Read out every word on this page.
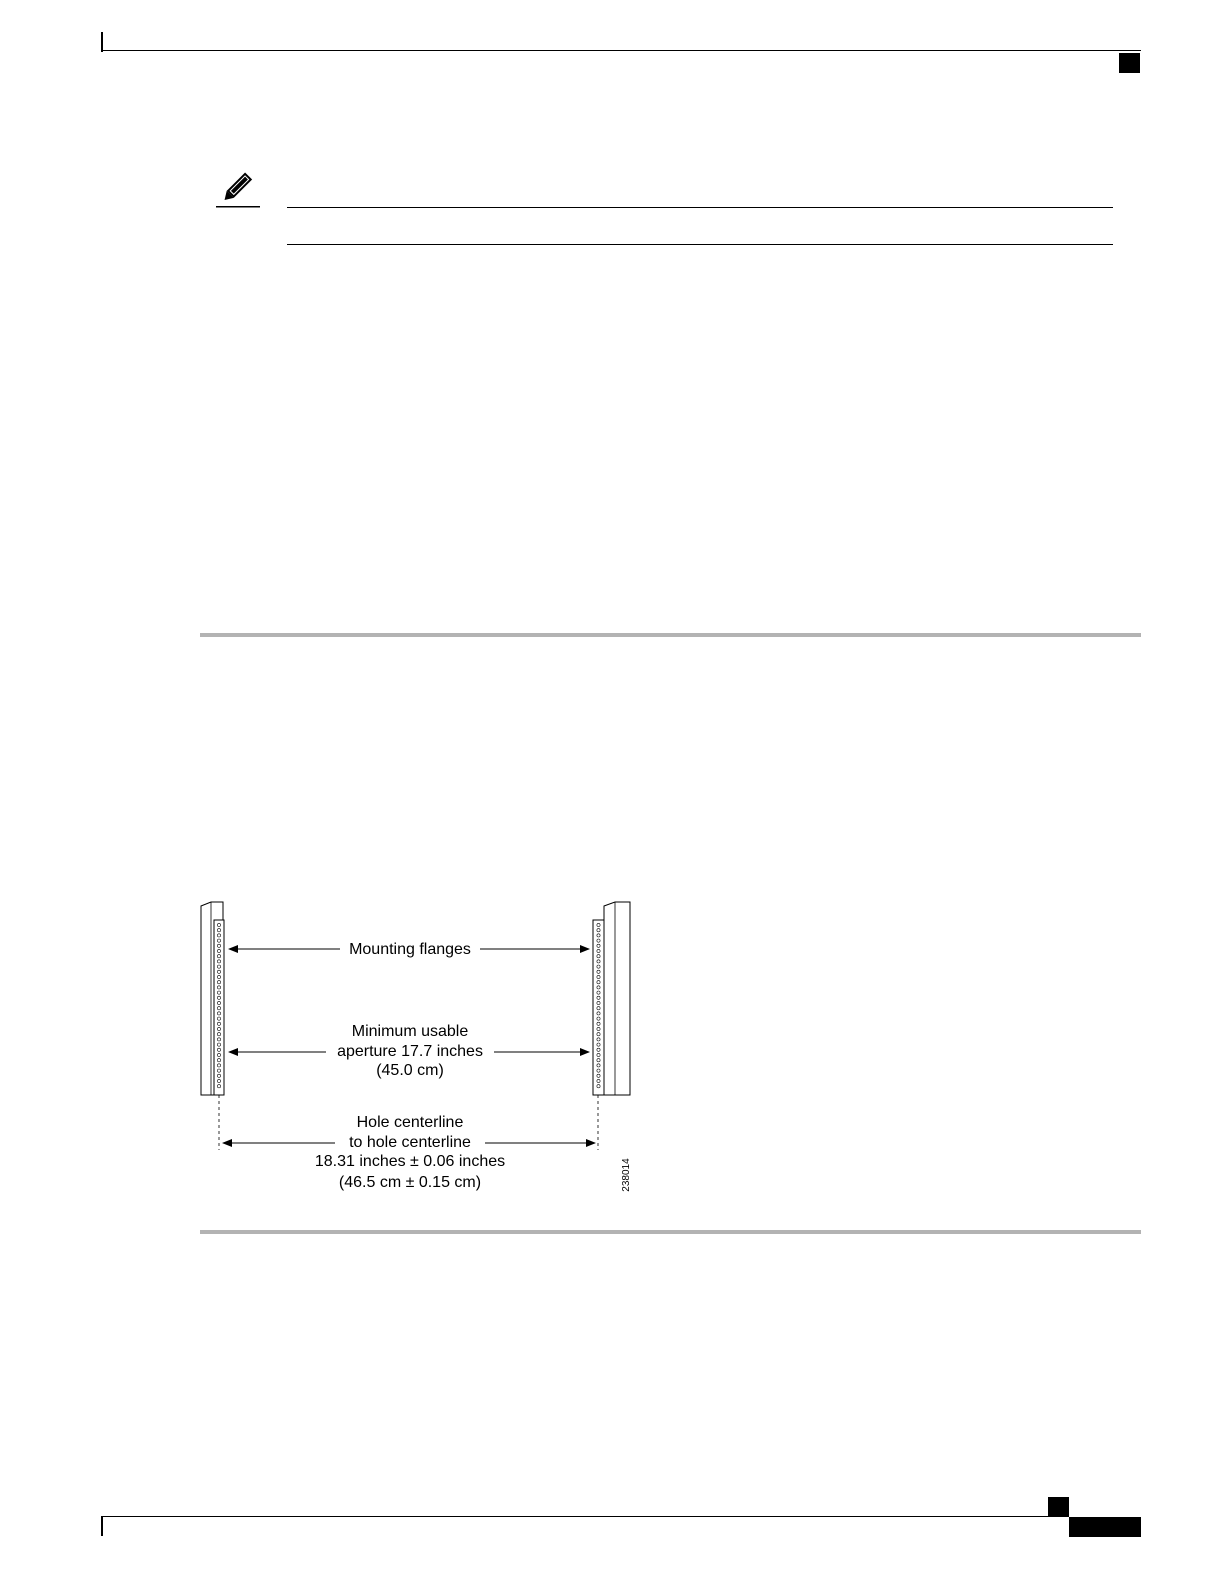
Mounting flanges
Minimum usable
aperture 17.7 inches
(45.0 cm)
Hole centerline
to hole centerline
18.31 inches ± 0.06 inches
(46.5 cm ± 0.15 cm)	238014
